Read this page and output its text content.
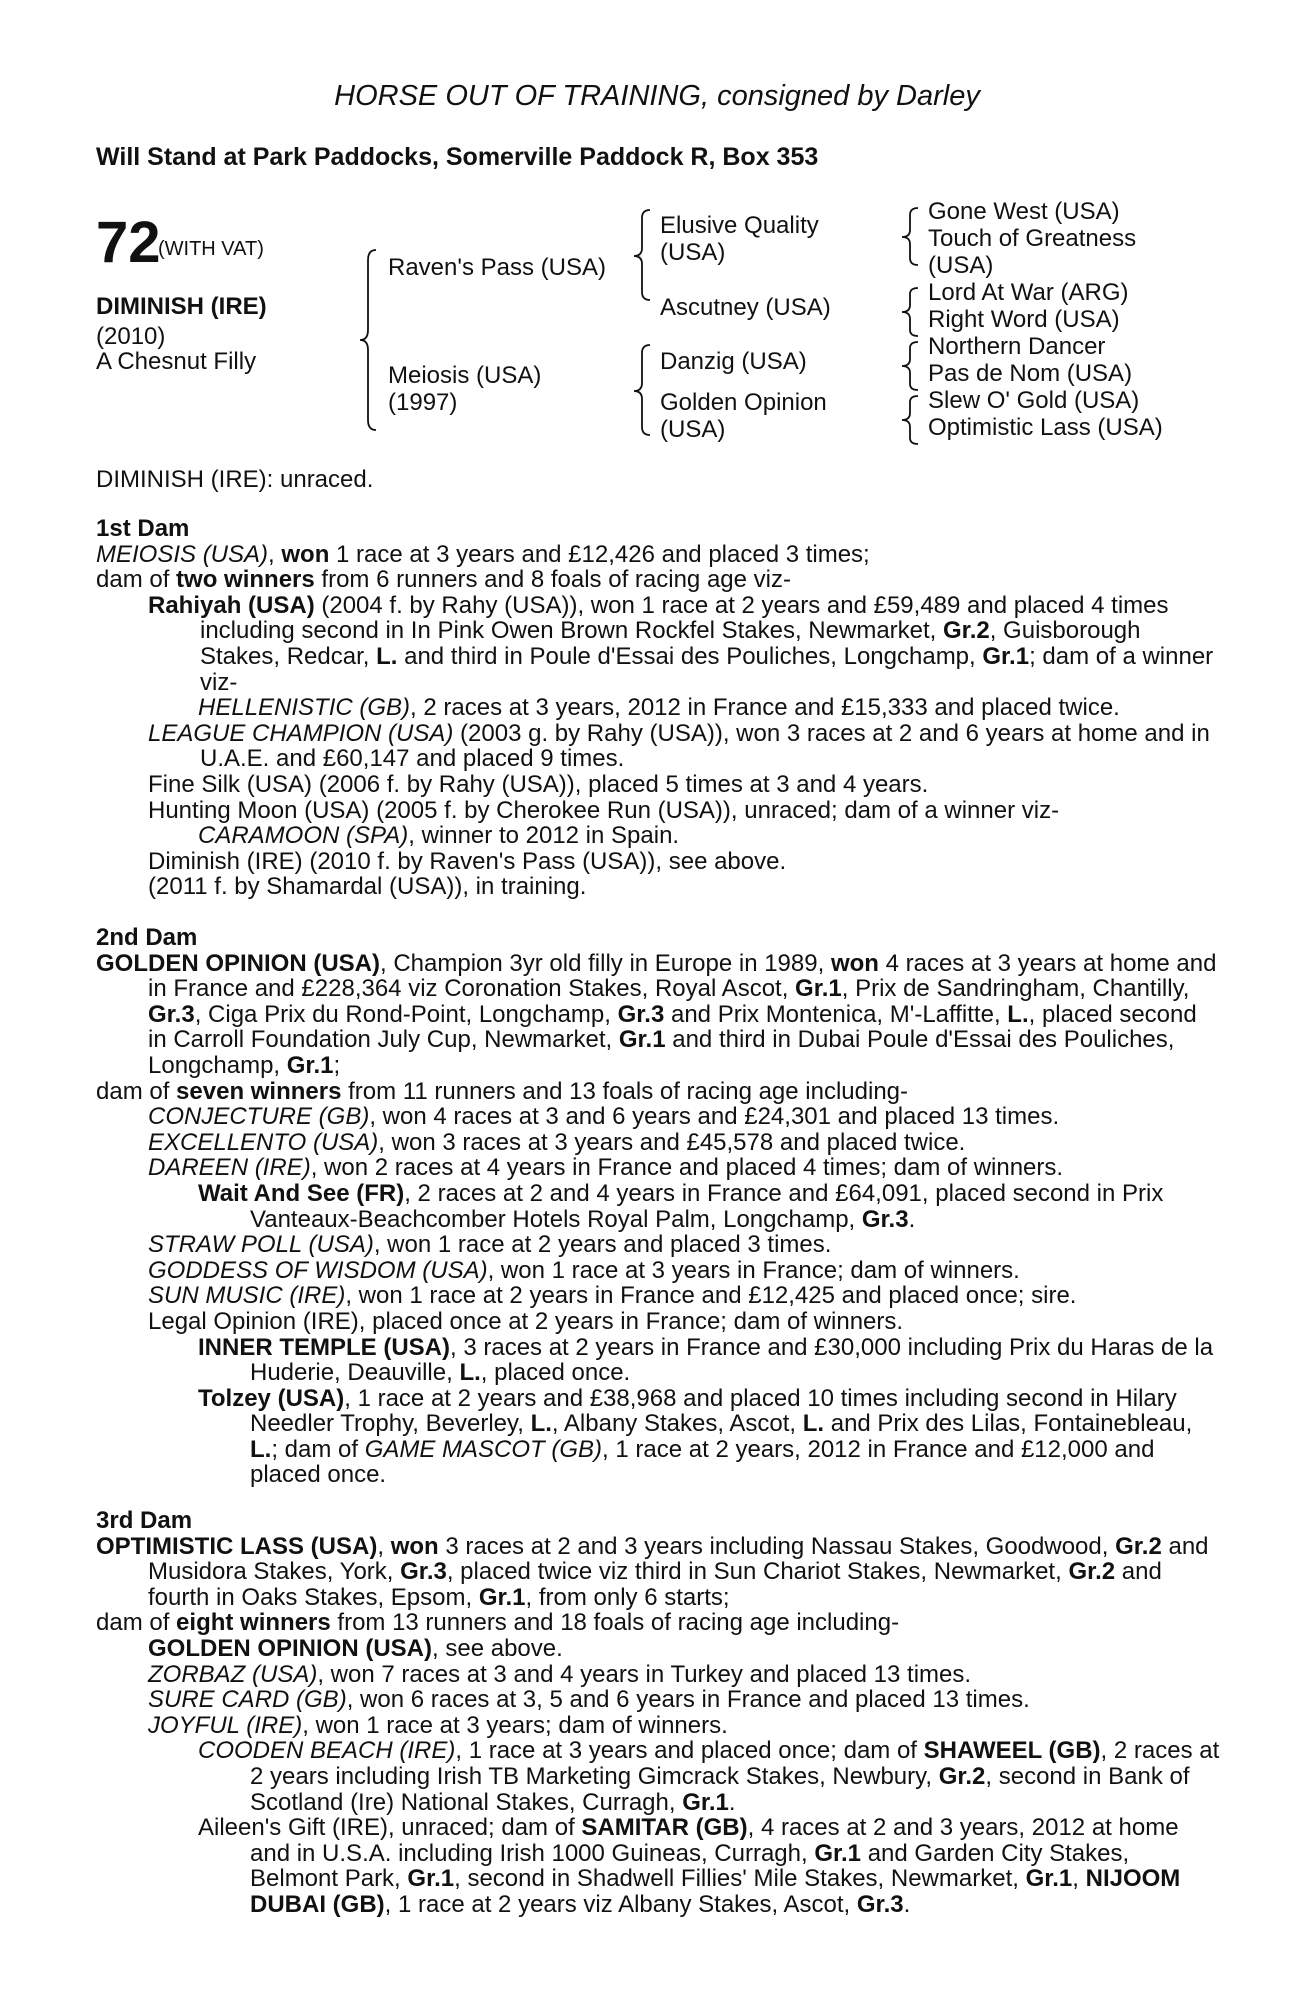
HORSE OUT OF TRAINING, consigned by Darley
Will Stand at Park Paddocks, Somerville Paddock R, Box 353
72
(WITH VAT)
DIMINISH (IRE)
(2010)
A Chesnut Filly
Raven's Pass (USA)
Meiosis (USA)
(1997)
Elusive Quality
(USA)
Ascutney (USA)
Danzig (USA)
Golden Opinion
(USA)
Gone West (USA)
Touch of Greatness
(USA)
Lord At War (ARG)
Right Word (USA)
Northern Dancer
Pas de Nom (USA)
Slew O' Gold (USA)
Optimistic Lass (USA)
DIMINISH (IRE): unraced.

1st Dam

MEIOSIS (USA), won 1 race at 3 years and £12,426 and placed 3 times;

dam of two winners from 6 runners and 8 foals of racing age viz-

Rahiyah (USA) (2004 f. by Rahy (USA)), won 1 race at 2 years and £59,489 and placed 4 times including second in In Pink Owen Brown Rockfel Stakes, Newmarket, Gr.2, Guisborough Stakes, Redcar, L. and third in Poule d'Essai des Pouliches, Longchamp, Gr.1; dam of a winner viz-

HELLENISTIC (GB), 2 races at 3 years, 2012 in France and £15,333 and placed twice.

LEAGUE CHAMPION (USA) (2003 g. by Rahy (USA)), won 3 races at 2 and 6 years at home and in U.A.E. and £60,147 and placed 9 times.

Fine Silk (USA) (2006 f. by Rahy (USA)), placed 5 times at 3 and 4 years.

Hunting Moon (USA) (2005 f. by Cherokee Run (USA)), unraced; dam of a winner viz-

CARAMOON (SPA), winner to 2012 in Spain.

Diminish (IRE) (2010 f. by Raven's Pass (USA)), see above.

(2011 f. by Shamardal (USA)), in training.

2nd Dam

GOLDEN OPINION (USA), Champion 3yr old filly in Europe in 1989, won 4 races at 3 years at home and in France and £228,364 viz Coronation Stakes, Royal Ascot, Gr.1, Prix de Sandringham, Chantilly, Gr.3, Ciga Prix du Rond-Point, Longchamp, Gr.3 and Prix Montenica, M'-Laffitte, L., placed second in Carroll Foundation July Cup, Newmarket, Gr.1 and third in Dubai Poule d'Essai des Pouliches, Longchamp, Gr.1;

dam of seven winners from 11 runners and 13 foals of racing age including-

CONJECTURE (GB), won 4 races at 3 and 6 years and £24,301 and placed 13 times.

EXCELLENTO (USA), won 3 races at 3 years and £45,578 and placed twice.

DAREEN (IRE), won 2 races at 4 years in France and placed 4 times; dam of winners.

Wait And See (FR), 2 races at 2 and 4 years in France and £64,091, placed second in Prix Vanteaux-Beachcomber Hotels Royal Palm, Longchamp, Gr.3.

STRAW POLL (USA), won 1 race at 2 years and placed 3 times.

GODDESS OF WISDOM (USA), won 1 race at 3 years in France; dam of winners.

SUN MUSIC (IRE), won 1 race at 2 years in France and £12,425 and placed once; sire.

Legal Opinion (IRE), placed once at 2 years in France; dam of winners.

INNER TEMPLE (USA), 3 races at 2 years in France and £30,000 including Prix du Haras de la Huderie, Deauville, L., placed once.

Tolzey (USA), 1 race at 2 years and £38,968 and placed 10 times including second in Hilary Needler Trophy, Beverley, L., Albany Stakes, Ascot, L. and Prix des Lilas, Fontainebleau, L.; dam of GAME MASCOT (GB), 1 race at 2 years, 2012 in France and £12,000 and placed once.

3rd Dam

OPTIMISTIC LASS (USA), won 3 races at 2 and 3 years including Nassau Stakes, Goodwood, Gr.2 and Musidora Stakes, York, Gr.3, placed twice viz third in Sun Chariot Stakes, Newmarket, Gr.2 and fourth in Oaks Stakes, Epsom, Gr.1, from only 6 starts;

dam of eight winners from 13 runners and 18 foals of racing age including-

GOLDEN OPINION (USA), see above.

ZORBAZ (USA), won 7 races at 3 and 4 years in Turkey and placed 13 times.

SURE CARD (GB), won 6 races at 3, 5 and 6 years in France and placed 13 times.

JOYFUL (IRE), won 1 race at 3 years; dam of winners.

COODEN BEACH (IRE), 1 race at 3 years and placed once; dam of SHAWEEL (GB), 2 races at 2 years including Irish TB Marketing Gimcrack Stakes, Newbury, Gr.2, second in Bank of Scotland (Ire) National Stakes, Curragh, Gr.1.

Aileen's Gift (IRE), unraced; dam of SAMITAR (GB), 4 races at 2 and 3 years, 2012 at home and in U.S.A. including Irish 1000 Guineas, Curragh, Gr.1 and Garden City Stakes, Belmont Park, Gr.1, second in Shadwell Fillies' Mile Stakes, Newmarket, Gr.1, NIJOOM DUBAI (GB), 1 race at 2 years viz Albany Stakes, Ascot, Gr.3.
